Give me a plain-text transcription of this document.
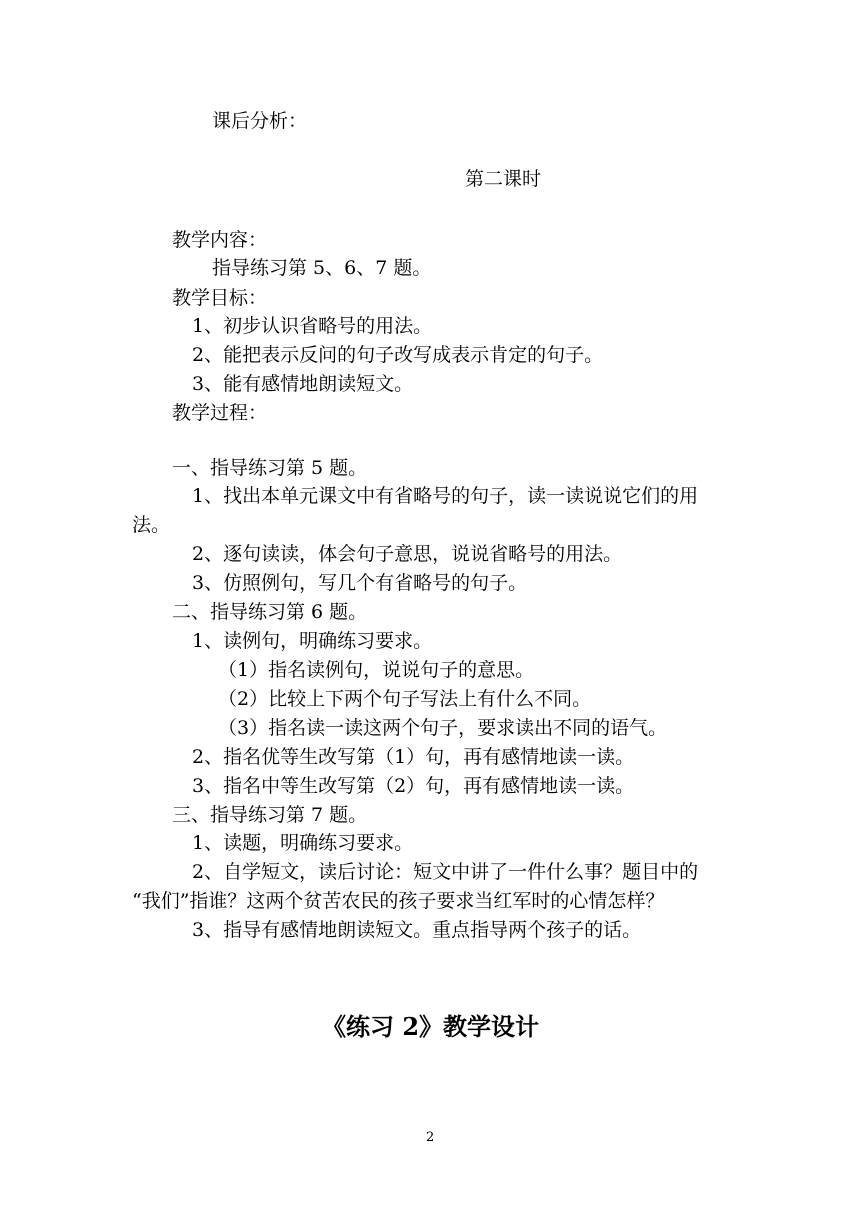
课后分析：
第二课时
教学内容：
指导练习第 5、6、7 题。
教学目标：
1、初步认识省略号的用法。
2、能把表示反问的句子改写成表示肯定的句子。
3、能有感情地朗读短文。
教学过程：
一、指导练习第 5 题。
1、找出本单元课文中有省略号的句子，读一读说说它们的用
法。
2、逐句读读，体会句子意思，说说省略号的用法。
3、仿照例句，写几个有省略号的句子。
二、指导练习第 6 题。
1、读例句，明确练习要求。
（1）指名读例句，说说句子的意思。
（2）比较上下两个句子写法上有什么不同。
（3）指名读一读这两个句子，要求读出不同的语气。
2、指名优等生改写第（1）句，再有感情地读一读。
3、指名中等生改写第（2）句，再有感情地读一读。
三、指导练习第 7 题。
1、读题，明确练习要求。
2、自学短文，读后讨论：短文中讲了一件什么事？题目中的
“我们”指谁？这两个贫苦农民的孩子要求当红军时的心情怎样？
3、指导有感情地朗读短文。重点指导两个孩子的话。
《练习 2》教学设计
2
